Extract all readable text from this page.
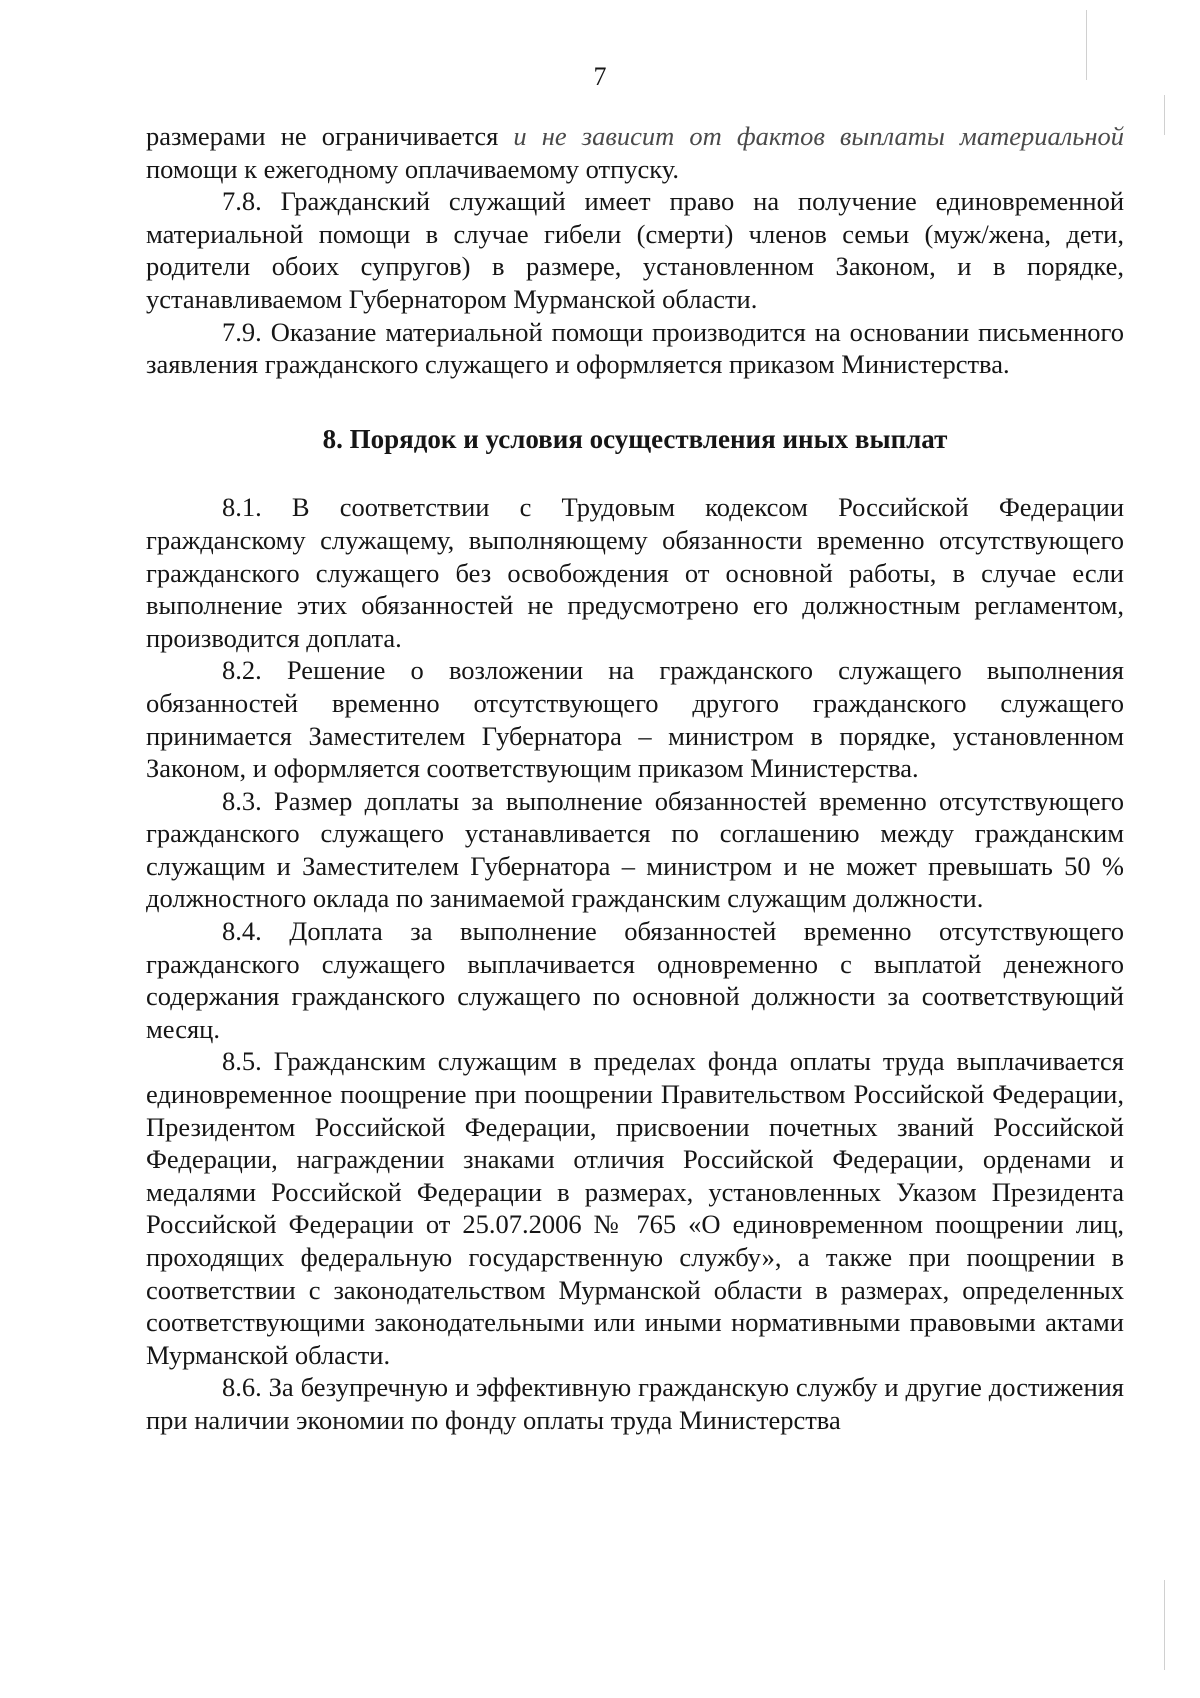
7

размерами не ограничивается и не зависит от фактов выплаты материальной помощи к ежегодному оплачиваемому отпуску.

7.8. Гражданский служащий имеет право на получение единовременной материальной помощи в случае гибели (смерти) членов семьи (муж/жена, дети, родители обоих супругов) в размере, установленном Законом, и в порядке, устанавливаемом Губернатором Мурманской области.

7.9. Оказание материальной помощи производится на основании письменного заявления гражданского служащего и оформляется приказом Министерства.

8. Порядок и условия осуществления иных выплат

8.1. В соответствии с Трудовым кодексом Российской Федерации гражданскому служащему, выполняющему обязанности временно отсутствующего гражданского служащего без освобождения от основной работы, в случае если выполнение этих обязанностей не предусмотрено его должностным регламентом, производится доплата.

8.2. Решение о возложении на гражданского служащего выполнения обязанностей временно отсутствующего другого гражданского служащего принимается Заместителем Губернатора – министром в порядке, установленном Законом, и оформляется соответствующим приказом Министерства.

8.3. Размер доплаты за выполнение обязанностей временно отсутствующего гражданского служащего устанавливается по соглашению между гражданским служащим и Заместителем Губернатора – министром и не может превышать 50 % должностного оклада по занимаемой гражданским служащим должности.

8.4. Доплата за выполнение обязанностей временно отсутствующего гражданского служащего выплачивается одновременно с выплатой денежного содержания гражданского служащего по основной должности за соответствующий месяц.

8.5. Гражданским служащим в пределах фонда оплаты труда выплачивается единовременное поощрение при поощрении Правительством Российской Федерации, Президентом Российской Федерации, присвоении почетных званий Российской Федерации, награждении знаками отличия Российской Федерации, орденами и медалями Российской Федерации в размерах, установленных Указом Президента Российской Федерации от 25.07.2006 № 765 «О единовременном поощрении лиц, проходящих федеральную государственную службу», а также при поощрении в соответствии с законодательством Мурманской области в размерах, определенных соответствующими законодательными или иными нормативными правовыми актами Мурманской области.

8.6. За безупречную и эффективную гражданскую службу и другие достижения при наличии экономии по фонду оплаты труда Министерства
